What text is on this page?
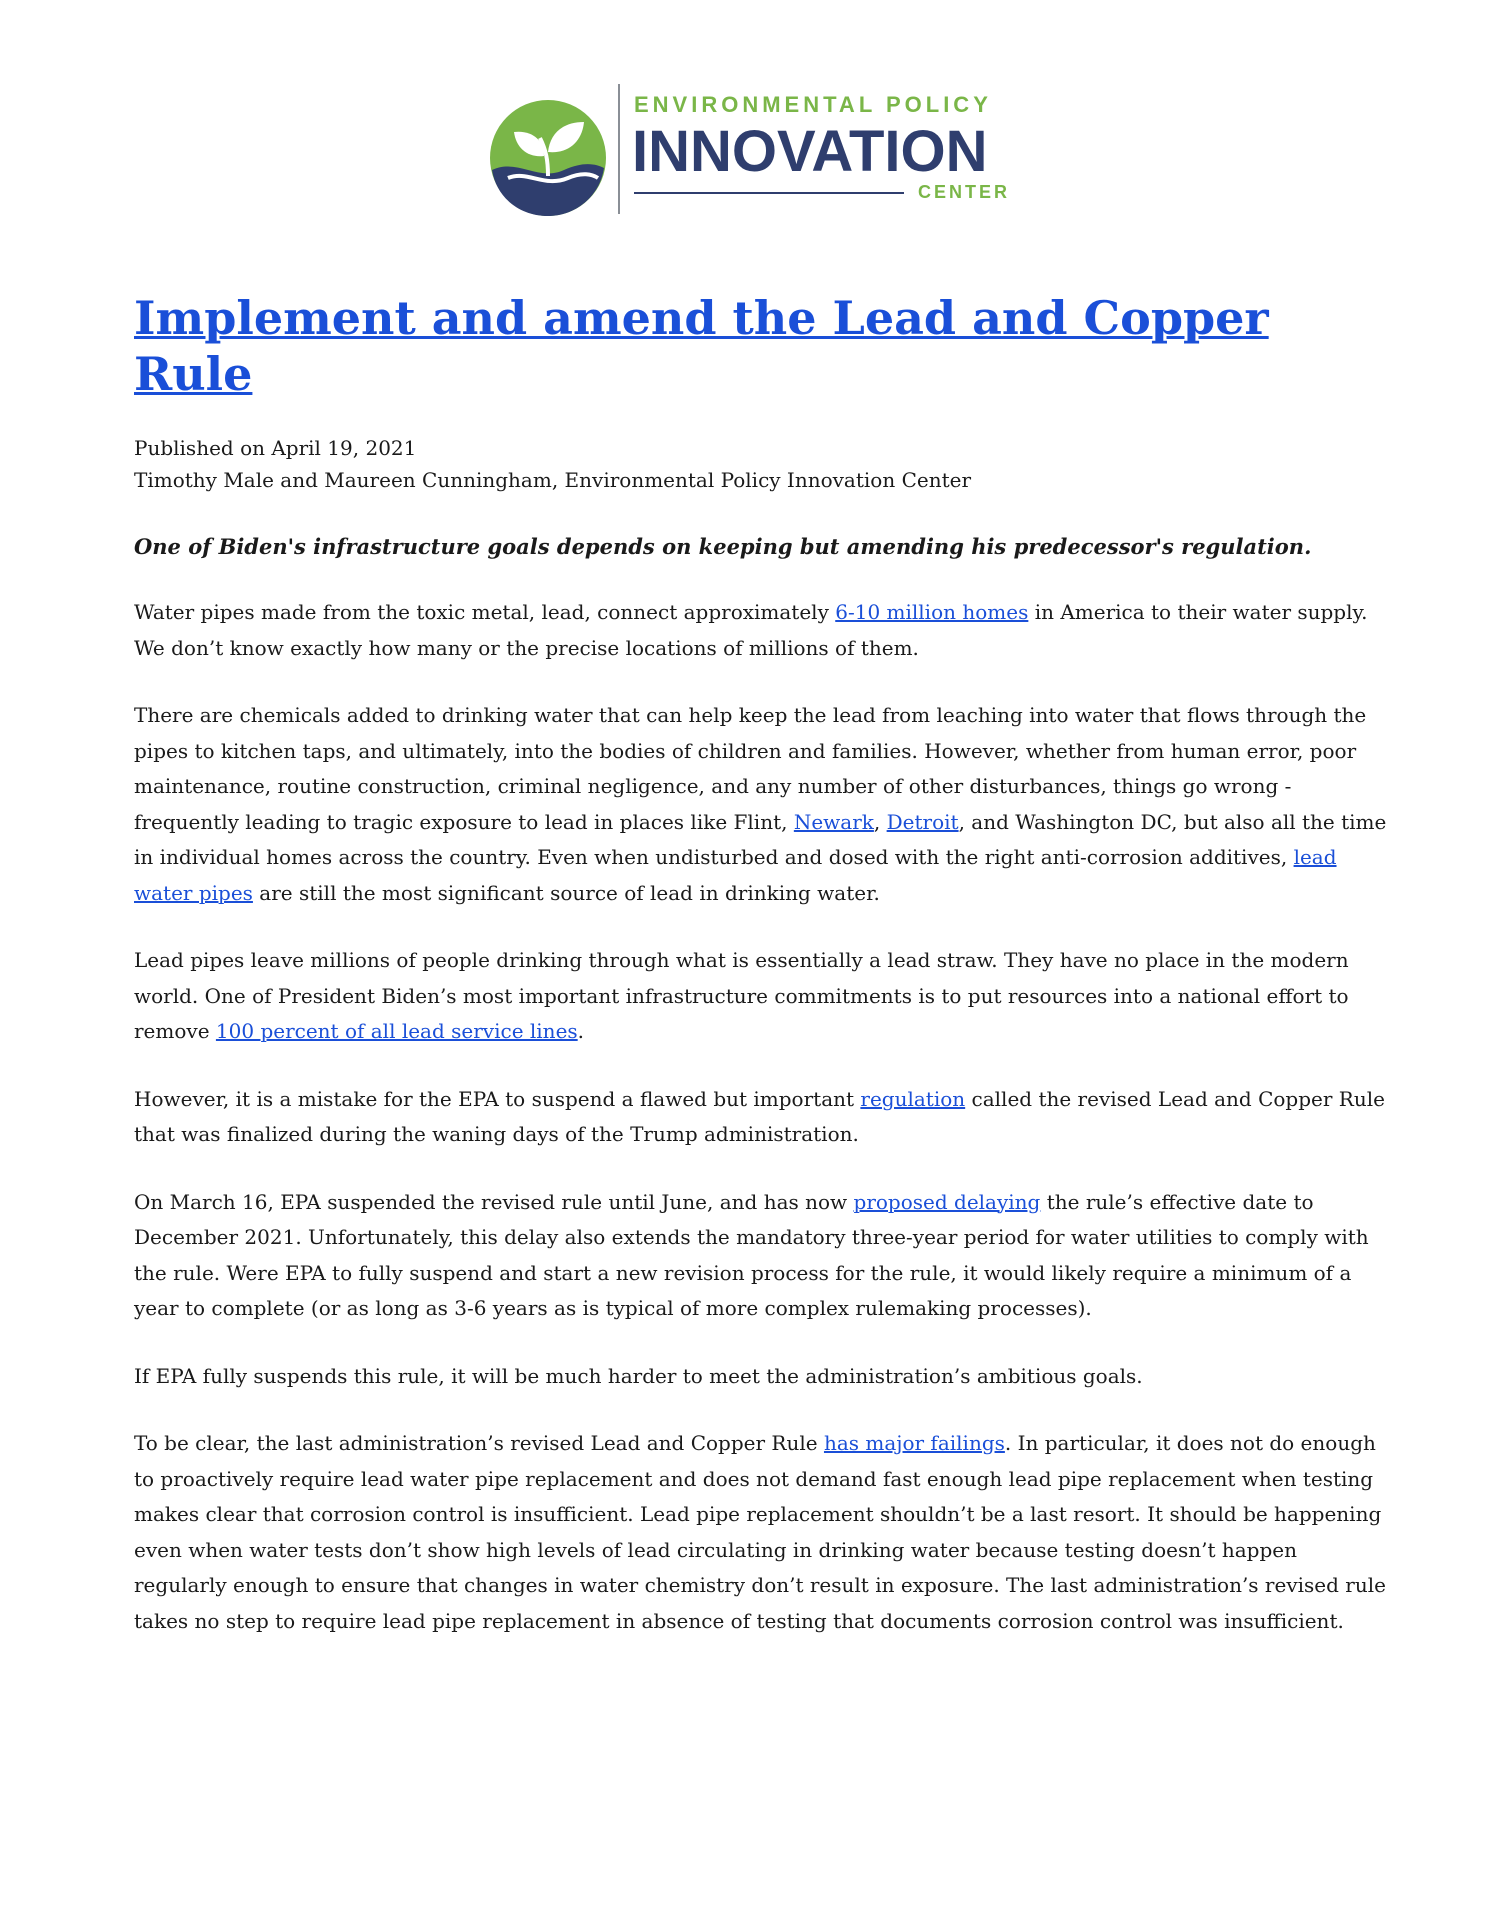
ENVIRONMENTAL POLICY
INNOVATION
CENTER
Implement and amend the Lead and Copper Rule
Published on April 19, 2021
Timothy Male and Maureen Cunningham, Environmental Policy Innovation Center
One of Biden's infrastructure goals depends on keeping but amending his predecessor's regulation.

Water pipes made from the toxic metal, lead, connect approximately 6-10 million homes in America to their water supply. We don’t know exactly how many or the precise locations of millions of them.

There are chemicals added to drinking water that can help keep the lead from leaching into water that flows through the pipes to kitchen taps, and ultimately, into the bodies of children and families. However, whether from human error, poor maintenance, routine construction, criminal negligence, and any number of other disturbances, things go wrong - frequently leading to tragic exposure to lead in places like Flint, Newark, Detroit, and Washington DC, but also all the time in individual homes across the country. Even when undisturbed and dosed with the right anti-corrosion additives, lead water pipes are still the most significant source of lead in drinking water.

Lead pipes leave millions of people drinking through what is essentially a lead straw. They have no place in the modern world. One of President Biden’s most important infrastructure commitments is to put resources into a national effort to remove 100 percent of all lead service lines.

However, it is a mistake for the EPA to suspend a flawed but important regulation called the revised Lead and Copper Rule that was finalized during the waning days of the Trump administration.

On March 16, EPA suspended the revised rule until June, and has now proposed delaying the rule’s effective date to December 2021. Unfortunately, this delay also extends the mandatory three-year period for water utilities to comply with the rule. Were EPA to fully suspend and start a new revision process for the rule, it would likely require a minimum of a year to complete (or as long as 3-6 years as is typical of more complex rulemaking processes).

If EPA fully suspends this rule, it will be much harder to meet the administration’s ambitious goals.

To be clear, the last administration’s revised Lead and Copper Rule has major failings. In particular, it does not do enough to proactively require lead water pipe replacement and does not demand fast enough lead pipe replacement when testing makes clear that corrosion control is insufficient. Lead pipe replacement shouldn’t be a last resort. It should be happening even when water tests don’t show high levels of lead circulating in drinking water because testing doesn’t happen regularly enough to ensure that changes in water chemistry don’t result in exposure. The last administration’s revised rule takes no step to require lead pipe replacement in absence of testing that documents corrosion control was insufficient.
